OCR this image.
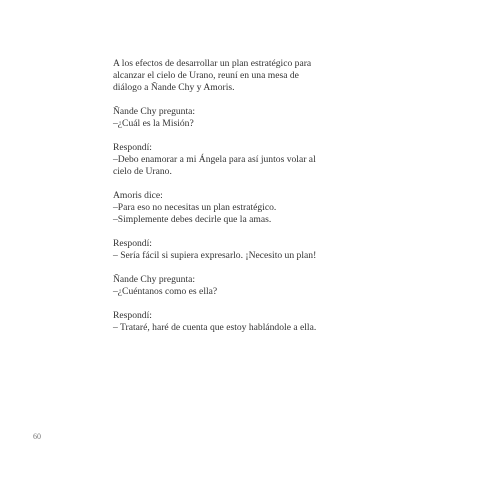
A los efectos de desarrollar un plan estratégico para
alcanzar el cielo de Urano, reuní en una mesa de
diálogo a Ñande Chy y Amoris.

Ñande Chy pregunta:
–¿Cuál es la Misión?

Respondí:
–Debo enamorar a mi Ángela para así juntos volar al
cielo de Urano.

Amoris dice:
–Para eso no necesitas un plan estratégico.
–Simplemente debes decirle que la amas.

Respondí:
– Sería fácil si supiera expresarlo. ¡Necesito un plan!

Ñande Chy pregunta:
–¿Cuéntanos como es ella?

Respondí:
– Trataré, haré de cuenta que estoy hablándole a ella.

60
